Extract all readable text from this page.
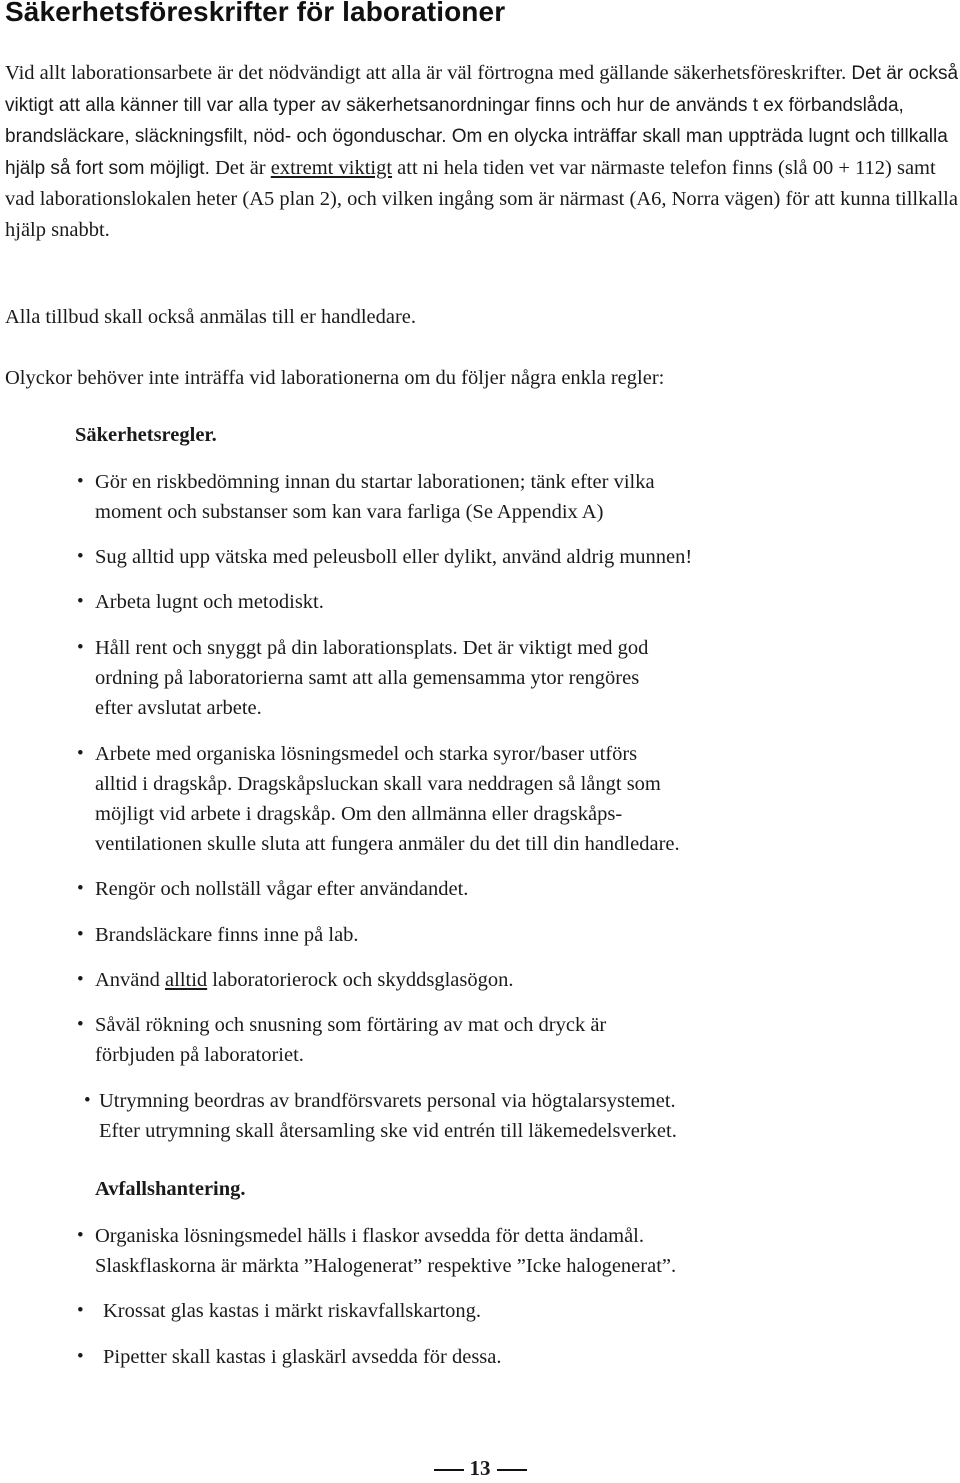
Säkerhetsföreskrifter för laborationer

Vid allt laborationsarbete är det nödvändigt att alla är väl förtrogna med gällande säkerhetsföreskrifter. Det är också viktigt att alla känner till var alla typer av säkerhetsanordningar finns och hur de används t ex förbandslåda, brandsläckare, släckningsfilt, nöd- och ögonduschar. Om en olycka inträffar skall man uppträda lugnt och tillkalla hjälp så fort som möjligt. Det är extremt viktigt att ni hela tiden vet var närmaste telefon finns (slå 00 + 112) samt vad laborationslokalen heter (A5 plan 2), och vilken ingång som är närmast (A6, Norra vägen) för att kunna tillkalla hjälp snabbt.

Alla tillbud skall också anmälas till er handledare.

Olyckor behöver inte inträffa vid laborationerna om du följer några enkla regler:

Säkerhetsregler.

• Gör en riskbedömning innan du startar laborationen; tänk efter vilka
moment och substanser som kan vara farliga (Se Appendix A)

• Sug alltid upp vätska med peleusboll eller dylikt, använd aldrig munnen!

• Arbeta lugnt och metodiskt.

• Håll rent och snyggt på din laborationsplats. Det är viktigt med god
ordning på laboratorierna samt att alla gemensamma ytor rengöres
efter avslutat arbete.

• Arbete med organiska lösningsmedel och starka syror/baser utförs
alltid i dragskåp. Dragskåpsluckan skall vara neddragen så långt som
möjligt vid arbete i dragskåp. Om den allmänna eller dragskåps-
ventilationen skulle sluta att fungera anmäler du det till din handledare.

• Rengör och nollställ vågar efter användandet.

• Brandsläckare finns inne på lab.

• Använd alltid laboratorierock och skyddsglasögon.

• Såväl rökning och snusning som förtäring av mat och dryck är
förbjuden på laboratoriet.

• Utrymning beordras av brandförsvarets personal via högtalarsystemet.
Efter utrymning skall återsamling ske vid entrén till läkemedelsverket.

Avfallshantering.

• Organiska lösningsmedel hälls i flaskor avsedda för detta ändamål.
Slaskflaskorna är märkta ”Halogenerat” respektive ”Icke halogenerat”.

• Krossat glas kastas i märkt riskavfallskartong.

• Pipetter skall kastas i glaskärl avsedda för dessa.

13
